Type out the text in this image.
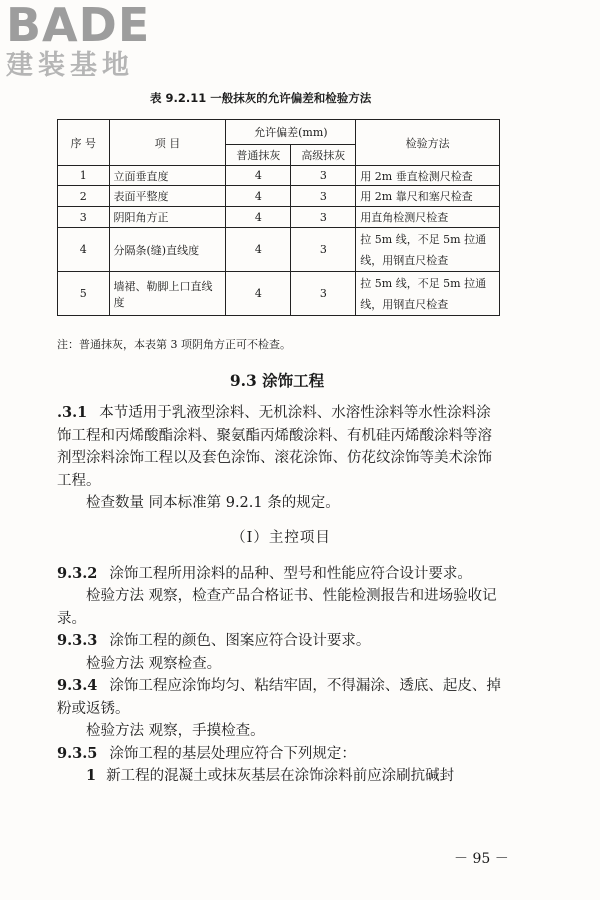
BADE
建装基地
表 9.2.11 一般抹灰的允许偏差和检验方法
序 号	项 目	允许偏差(mm)		检验方法
		普通抹灰	高级抹灰	
1	立面垂直度	4	3	用 2m 垂直检测尺检查
2	表面平整度	4	3	用 2m 靠尺和塞尺检查
3	阴阳角方正	4	3	用直角检测尺检查
4	分隔条(缝)直线度	4	3	拉 5m 线，不足 5m 拉通线，用钢直尺检查
5	墙裙、勒脚上口直线度	4	3	拉 5m 线，不足 5m 拉通线，用钢直尺检查
注：普通抹灰，本表第 3 项阴角方正可不检查。
9.3 涂饰工程

.3.1 本节适用于乳液型涂料、无机涂料、水溶性涂料等水性涂料涂饰工程和丙烯酸酯涂料、聚氨酯丙烯酸涂料、有机硅丙烯酸涂料等溶剂型涂料涂饰工程以及套色涂饰、滚花涂饰、仿花纹涂饰等美术涂饰工程。

检查数量 同本标准第 9.2.1 条的规定。

（Ⅰ）主控项目

9.3.2 涂饰工程所用涂料的品种、型号和性能应符合设计要求。

检验方法 观察，检查产品合格证书、性能检测报告和进场验收记录。

9.3.3 涂饰工程的颜色、图案应符合设计要求。

检验方法 观察检查。

9.3.4 涂饰工程应涂饰均匀、粘结牢固，不得漏涂、透底、起皮、掉粉或返锈。

检验方法 观察，手摸检查。

9.3.5 涂饰工程的基层处理应符合下列规定：

1 新工程的混凝土或抹灰基层在涂饰涂料前应涂刷抗碱封

－ 95 －
